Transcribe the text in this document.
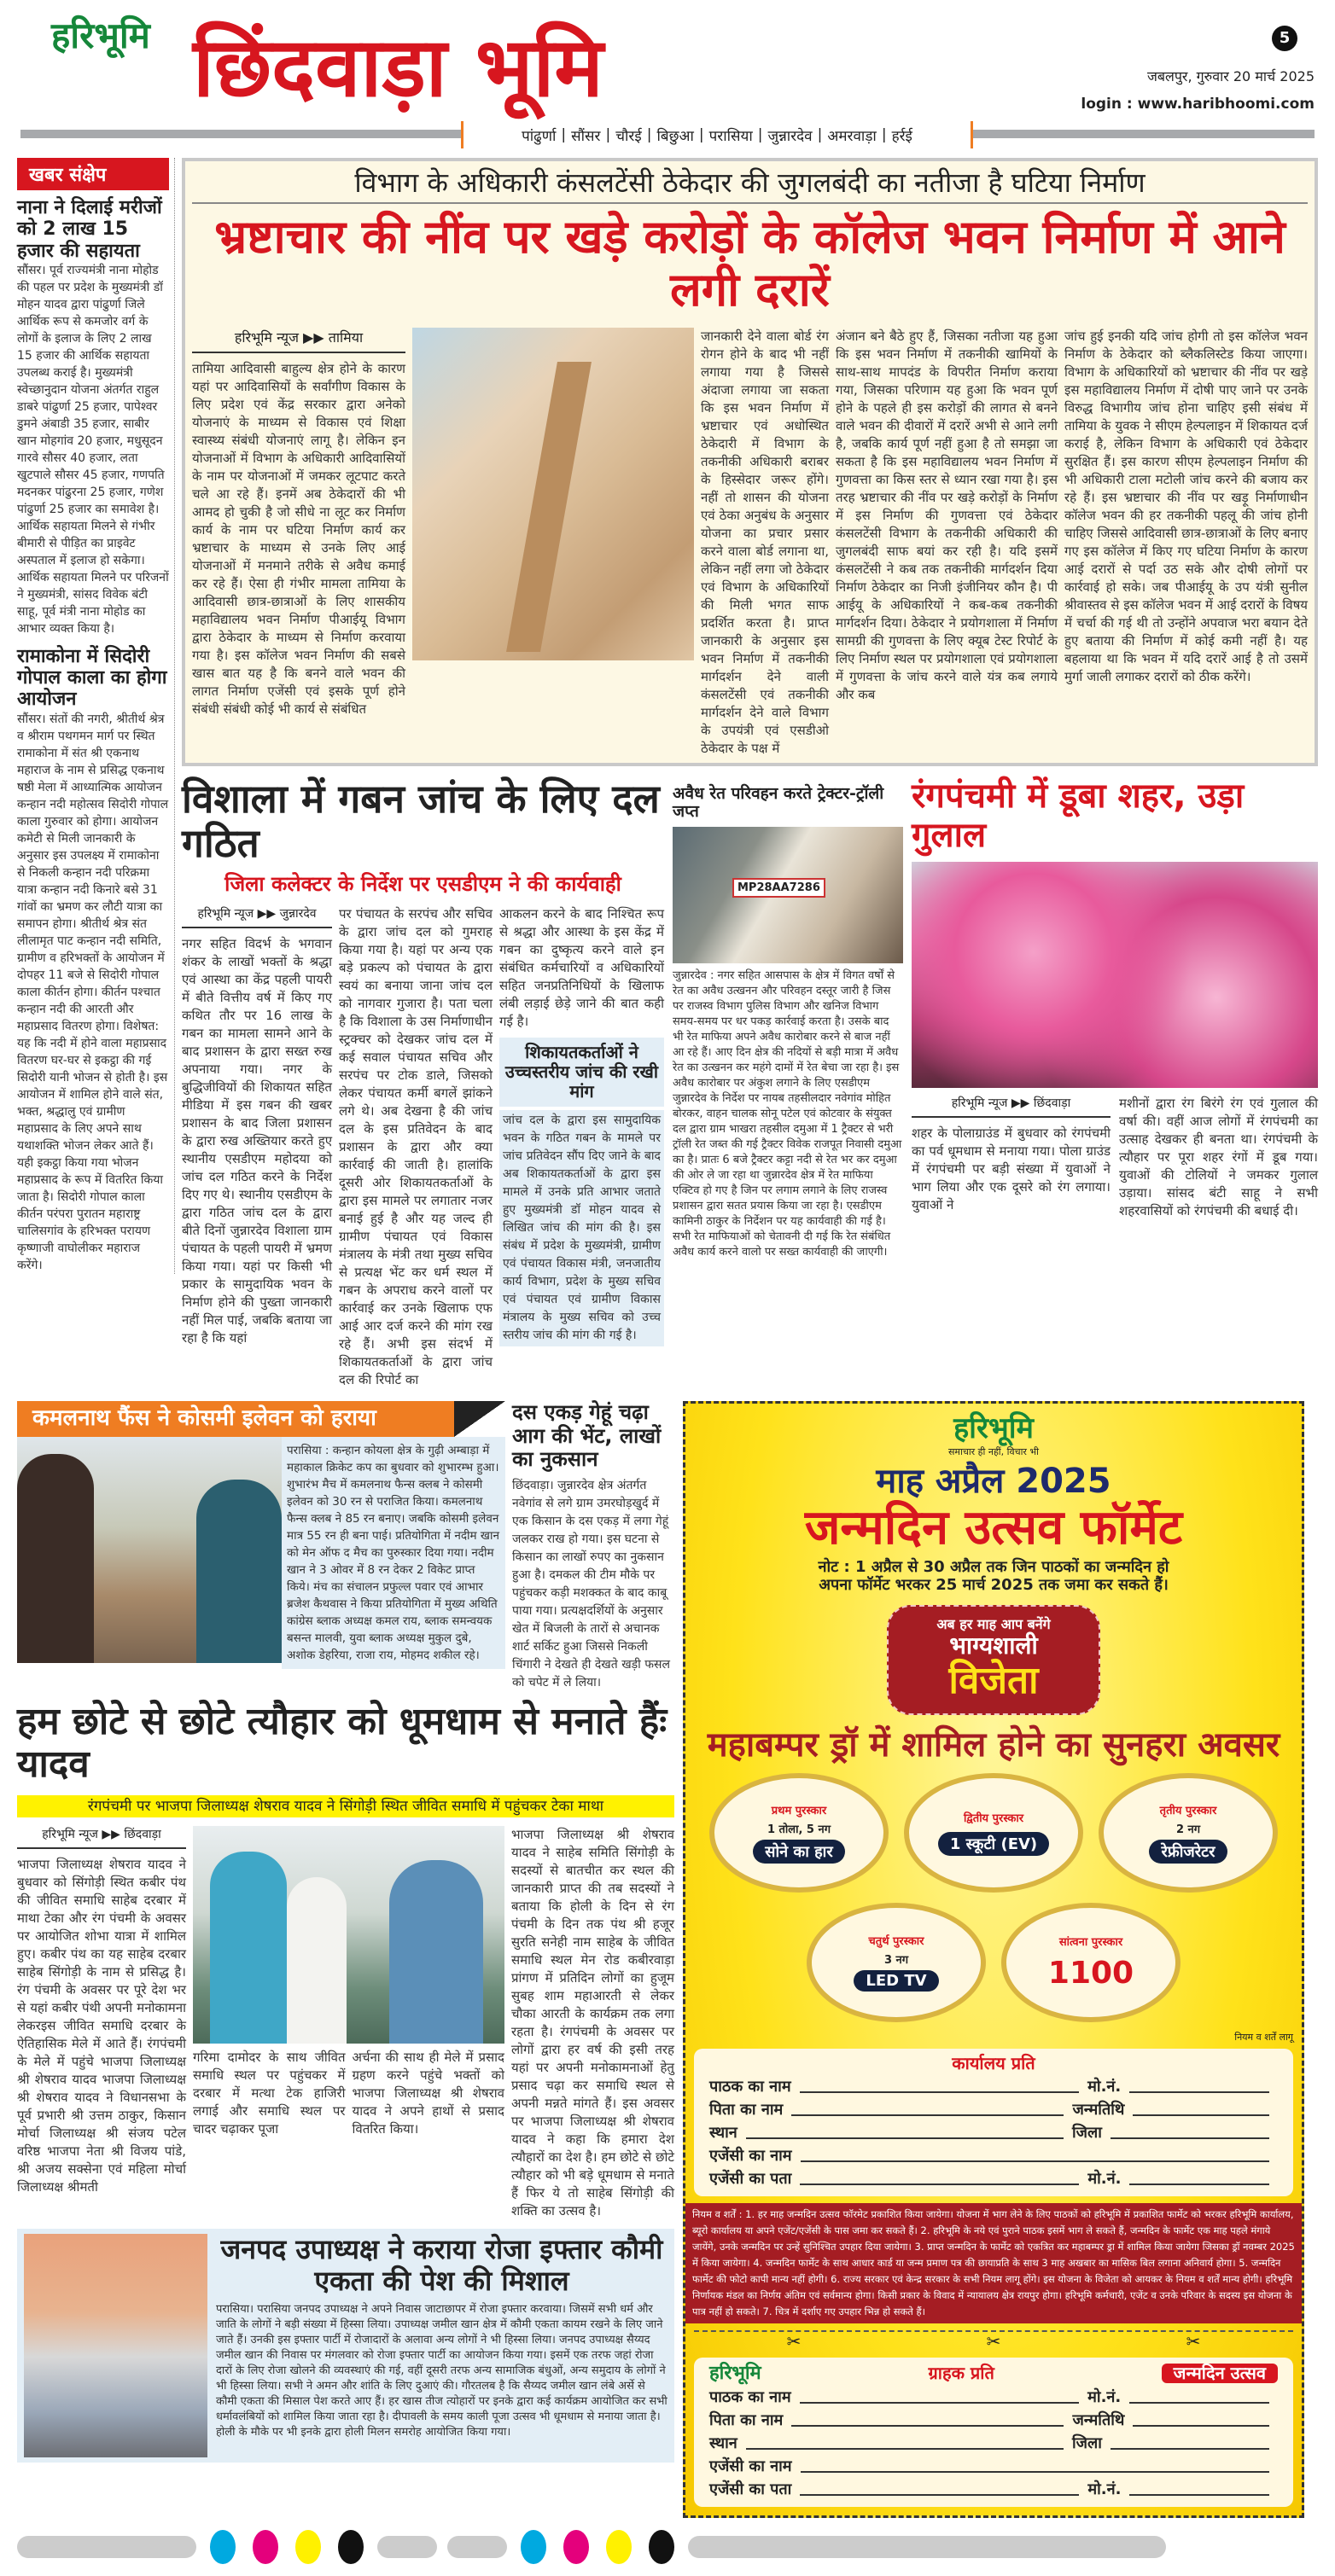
हरिभूमि छिंदवाड़ा भूमि	5
जबलपुर, गुरुवार 20 मार्च 2025
login : www.haribhoomi.com
पांढुर्णा | सौंसर | चौरई | बिछुआ | परासिया | जुन्नारदेव | अमरवाड़ा | हर्रई
खबर संक्षेप
नाना ने दिलाई मरीजों को 2 लाख 15 हजार की सहायता
सौंसर। पूर्व राज्यमंत्री नाना मोहोड की पहल पर प्रदेश के मुख्यमंत्री डॉ मोहन यादव द्वारा पांढुर्णा जिले आर्थिक रूप से कमजोर वर्ग के लोगों के इलाज के लिए 2 लाख 15 हजार की आर्थिक सहायता उपलब्ध कराई है। मुख्यमंत्री स्वेच्छानुदान योजना अंतर्गत राहुल डाबरे पांढुर्णा 25 हजार, पापेश्वर डुमने अंबाडी 35 हजार, साबीर खान मोहगांव 20 हजार, मधुसूदन गारवे सौसर 40 हजार, लता खुटपाले सौसर 45 हजार, गणपति मदनकर पांढुरना 25 हजार, गणेश पांढुर्णा 25 हजार का समावेश है। आर्थिक सहायता मिलने से गंभीर बीमारी से पीड़ित का प्राइवेट अस्पताल में इलाज हो सकेगा। आर्थिक सहायता मिलने पर परिजनों ने मुख्यमंत्री, सांसद विवेक बंटी साहू, पूर्व मंत्री नाना मोहोड का आभार व्यक्त किया है।
रामाकोना में सिदोरी गोपाल काला का होगा आयोजन
सौंसर। संतों की नगरी, श्रीतीर्थ श्रेत्र व श्रीराम पथगमन मार्ग पर स्थित रामाकोना में संत श्री एकनाथ महाराज के नाम से प्रसिद्ध एकनाथ षष्ठी मेला में आध्यात्मिक आयोजन कन्हान नदी महोत्सव सिदोरी गोपाल काला गुरुवार को होगा। आयोजन कमेटी से मिली जानकारी के अनुसार इस उपलक्ष्य में रामाकोना से निकली कन्हान नदी परिक्रमा यात्रा कन्हान नदी किनारे बसे 31 गांवों का भ्रमण कर लौटी यात्रा का समापन होगा। श्रीतीर्थ श्रेत्र संत लीलामृत पाट कन्हान नदी समिति, ग्रामीण व हरिभक्तों के आयोजन में दोपहर 11 बजे से सिदोरी गोपाल काला कीर्तन होगा। कीर्तन पश्चात कन्हान नदी की आरती और महाप्रसाद वितरण होगा। विशेषत: यह कि नदी में होने वाला महाप्रसाद वितरण घर-घर से इकट्ठा की गई सिदोरी यानी भोजन से होती है। इस आयोजन में शामिल होने वाले संत, भक्त, श्रद्धालु एवं ग्रामीण महाप्रसाद के लिए अपने साथ यथाशक्ति भोजन लेकर आते हैं। यही इकट्ठा किया गया भोजन महाप्रसाद के रूप में वितरित किया जाता है। सिदोरी गोपाल काला कीर्तन परंपरा पुरातन महाराष्ट्र चालिसगांव के हरिभक्त परायण कृष्णाजी वाघोलीकर महाराज करेंगे।
विभाग के अधिकारी कंसलटेंसी ठेकेदार की जुगलबंदी का नतीजा है घटिया निर्माण
भ्रष्टाचार की नींव पर खड़े करोड़ों के कॉलेज भवन निर्माण में आने लगी दरारें
हरिभूमि न्यूज ▶▶ तामिया
तामिया आदिवासी बाहुल्य क्षेत्र होने के कारण यहां पर आदिवासियों के सर्वांगीण विकास के लिए प्रदेश एवं केंद्र सरकार द्वारा अनेको योजनाएं के माध्यम से विकास एवं शिक्षा स्वास्थ्य संबंधी योजनाएं लागू है। लेकिन इन योजनाओं में विभाग के अधिकारी आदिवासियों के नाम पर योजनाओं में जमकर लूटपाट करते चले आ रहे हैं। इनमें अब ठेकेदारों की भी आमद हो चुकी है जो सीधे ना लूट कर निर्माण कार्य के नाम पर घटिया निर्माण कार्य कर भ्रष्टाचार के माध्यम से उनके लिए आई योजनाओं में मनमाने तरीके से अवैध कमाई कर रहे हैं। ऐसा ही गंभीर मामला तामिया के आदिवासी छात्र-छात्राओं के लिए शासकीय महाविद्यालय भवन निर्माण पीआईयू विभाग द्वारा ठेकेदार के माध्यम से निर्माण करवाया गया है। इस कॉलेज भवन निर्माण की सबसे खास बात यह है कि बनने वाले भवन की लागत निर्माण एजेंसी एवं इसके पूर्ण होने संबंधी संबंधी कोई भी कार्य से संबंधित
जानकारी देने वाला बोर्ड रंग रोगन होने के बाद भी नहीं लगाया गया है जिससे अंदाजा लगाया जा सकता कि इस भवन निर्माण में भ्रष्टाचार एवं अधोस्थित ठेकेदारी में विभाग के तकनीकी अधिकारी बराबर के हिस्सेदार जरूर होंगे। नहीं तो शासन की योजना एवं ठेका अनुबंध के अनुसार योजना का प्रचार प्रसार करने वाला बोर्ड लगाना था, लेकिन नहीं लगा जो ठेकेदार एवं विभाग के अधिकारियों की मिली भगत साफ प्रदर्शित करता है। प्राप्त जानकारी के अनुसार इस भवन निर्माण में तकनीकी मार्गदर्शन देने वाली कंसलटेंसी एवं तकनीकी मार्गदर्शन देने वाले विभाग के उपयंत्री एवं एसडीओ ठेकेदार के पक्ष में
अंजान बने बैठे हुए हैं, जिसका नतीजा यह हुआ कि इस भवन निर्माण में तकनीकी खामियों के साथ-साथ मापदंड के विपरीत निर्माण कराया गया, जिसका परिणाम यह हुआ कि भवन पूर्ण होने के पहले ही इस करोड़ों की लागत से बनने वाले भवन की दीवारों में दरारें अभी से आने लगी है, जबकि कार्य पूर्ण नहीं हुआ है तो समझा जा सकता है कि इस महाविद्यालय भवन निर्माण में गुणवत्ता का किस स्तर से ध्यान रखा गया है। इस तरह भ्रष्टाचार की नींव पर खड़े करोड़ों के निर्माण में इस निर्माण की गुणवत्ता एवं ठेकेदार कंसलटेंसी विभाग के तकनीकी अधिकारी की जुगलबंदी साफ बयां कर रही है। यदि इसमें कंसलटेंसी ने कब तक तकनीकी मार्गदर्शन दिया निर्माण ठेकेदार का निजी इंजीनियर कौन है। पी आईयू के अधिकारियों ने कब-कब तकनीकी मार्गदर्शन दिया। ठेकेदार ने प्रयोगशाला में निर्माण सामग्री की गुणवत्ता के लिए क्यूब टेस्ट रिपोर्ट के लिए निर्माण स्थल पर प्रयोगशाला एवं प्रयोगशाला में गुणवत्ता के जांच करने वाले यंत्र कब लगाये और कब
जांच हुई इनकी यदि जांच होगी तो इस कॉलेज भवन निर्माण के ठेकेदार को ब्लैकलिस्टेड किया जाएगा। विभाग के अधिकारियों को भ्रष्टाचार की नींव पर खड़े इस महाविद्यालय निर्माण में दोषी पाए जाने पर उनके विरुद्ध विभागीय जांच होना चाहिए इसी संबंध में तामिया के युवक ने सीएम हेल्पलाइन में शिकायत दर्ज कराई है, लेकिन विभाग के अधिकारी एवं ठेकेदार सुरक्षित हैं। इस कारण सीएम हेल्पलाइन निर्माण की भी अधिकारी टाला मटोली जांच करने की बजाय कर रहे हैं। इस भ्रष्टाचार की नींव पर खड़ू निर्माणाधीन कॉलेज भवन की हर तकनीकी पहलू की जांच होनी चाहिए जिससे आदिवासी छात्र-छात्राओं के लिए बनाए गए इस कॉलेज में किए गए घटिया निर्माण के कारण आई दरारों से पर्दा उठ सके और दोषी लोगों पर कार्रवाई हो सके। जब पीआईयू के उप यंत्री सुनील श्रीवास्तव से इस कॉलेज भवन में आई दरारों के विषय में चर्चा की गई थी तो उन्होंने अपवाज भरा बयान देते हुए बताया की निर्माण में कोई कमी नहीं है। यह बहलाया था कि भवन में यदि दरारें आई है तो उसमें मुर्गा जाली लगाकर दरारों को ठीक करेंगे।
विशाला में गबन जांच के लिए दल गठित
जिला कलेक्टर के निर्देश पर एसडीएम ने की कार्यवाही
हरिभूमि न्यूज ▶▶ जुन्नारदेव
नगर सहित विदर्भ के भगवान शंकर के लाखों भक्तों के श्रद्धा एवं आस्था का केंद्र पहली पायरी में बीते वित्तीय वर्ष में किए गए कथित तौर पर 16 लाख के गबन का मामला सामने आने के बाद प्रशासन के द्वारा सख्त रुख अपनाया गया। नगर के बुद्धिजीवियों की शिकायत सहित मीडिया में इस गबन की खबर प्रशासन के बाद जिला प्रशासन के द्वारा रुख अख्तियार करते हुए स्थानीय एसडीएम महोदया को जांच दल गठित करने के निर्देश दिए गए थे। स्थानीय एसडीएम के द्वारा गठित जांच दल के द्वारा बीते दिनों जुन्नारदेव विशाला ग्राम पंचायत के पहली पायरी में भ्रमण किया गया। यहां पर किसी भी प्रकार के सामुदायिक भवन के निर्माण होने की पुख्ता जानकारी नहीं मिल पाई, जबकि बताया जा रहा है कि यहां
पर पंचायत के सरपंच और सचिव के द्वारा जांच दल को गुमराह किया गया है। यहां पर अन्य एक बड़े प्रकल्प को पंचायत के द्वारा स्वयं का बनाया जाना जांच दल को नागवार गुजारा है। पता चला है कि विशाला के उस निर्माणाधीन स्ट्रक्चर को देखकर जांच दल में कई सवाल पंचायत सचिव और सरपंच पर टोक डाले, जिसको लेकर पंचायत कर्मी बगलें झांकने लगे थे। अब देखना है की जांच दल के इस प्रतिवेदन के बाद प्रशासन के द्वारा और क्या कार्रवाई की जाती है। हालांकि दूसरी ओर शिकायतकर्ताओं के द्वारा इस मामले पर लगातार नजर बनाई हुई है और यह जल्द ही ग्रामीण पंचायत एवं विकास मंत्रालय के मंत्री तथा मुख्य सचिव से प्रत्यक्ष भेंट कर धर्म स्थल में गबन के अपराध करने वालों पर कार्रवाई कर उनके खिलाफ एफ आई आर दर्ज करने की मांग रख रहे हैं। अभी इस संदर्भ में शिकायतकर्ताओं के द्वारा जांच दल की रिपोर्ट का
आकलन करने के बाद निश्चित रूप से श्रद्धा और आस्था के इस केंद्र में गबन का दुष्कृत्य करने वाले इन संबंधित कर्मचारियों व अधिकारियों सहित जनप्रतिनिधियों के खिलाफ लंबी लड़ाई छेड़े जाने की बात कही गई है।
शिकायतकर्ताओं ने उच्चस्तरीय जांच की रखी मांग
जांच दल के द्वारा इस सामुदायिक भवन के गठित गबन के मामले पर जांच प्रतिवेदन सौंप दिए जाने के बाद अब शिकायतकर्ताओं के द्वारा इस मामले में उनके प्रति आभार जताते हुए मुख्यमंत्री डॉ मोहन यादव से लिखित जांच की मांग की है। इस संबंध में प्रदेश के मुख्यमंत्री, ग्रामीण एवं पंचायत विकास मंत्री, जनजातीय कार्य विभाग, प्रदेश के मुख्य सचिव एवं पंचायत एवं ग्रामीण विकास मंत्रालय के मुख्य सचिव को उच्च स्तरीय जांच की मांग की गई है।
अवैध रेत परिवहन करते ट्रेक्टर-ट्रॉली जप्त
MP28AA7286
जुन्नारदेव : नगर सहित आसपास के क्षेत्र में विगत वर्षों से रेत का अवैध उत्खनन और परिवहन दस्तूर जारी है जिस पर राजस्व विभाग पुलिस विभाग और खनिज विभाग समय-समय पर धर पकड़ कार्रवाई करता है। उसके बाद भी रेत माफिया अपने अवैध कारोबार करने से बाज नहीं आ रहे हैं। आए दिन क्षेत्र की नदियों से बड़ी मात्रा में अवैध रेत का उत्खनन कर महंगे दामों में रेत बेचा जा रहा है। इस अवैध कारोबार पर अंकुश लगाने के लिए एसडीएम जुन्नारदेव के निर्देश पर नायब तहसीलदार नवेगांव मोहित बोरकर, वाहन चालक सोनू पटेल एवं कोटवार के संयुक्त दल द्वारा ग्राम भाखरा तहसील दमुआ में 1 ट्रैक्टर से भरी ट्रॉली रेत जब्त की गई ट्रैक्टर विवेक राजपूत निवासी दमुआ का है। प्रातः 6 बजे ट्रैक्टर कट्टा नदी से रेत भर कर दमुआ की ओर ले जा रहा था जुन्नारदेव क्षेत्र में रेत माफिया एक्टिव हो गए है जिन पर लगाम लगाने के लिए राजस्व प्रशासन द्वारा सतत प्रयास किया जा रहा है। एसडीएम कामिनी ठाकुर के निर्देशन पर यह कार्यवाही की गई है। सभी रेत माफियाओं को चेतावनी दी गई कि रेत संबंधित अवैध कार्य करने वालो पर सख्त कार्यवाही की जाएगी।
रंगपंचमी में डूबा शहर, उड़ा गुलाल
हरिभूमि न्यूज ▶▶ छिंदवाड़ा
शहर के पोलाग्राउंड में बुधवार को रंगपंचमी का पर्व धूमधाम से मनाया गया। पोला ग्राउंड में रंगपंचमी पर बड़ी संख्या में युवाओं ने भाग लिया और एक दूसरे को रंग लगाया। युवाओं ने
मशीनों द्वारा रंग बिरंगे रंग एवं गुलाल की वर्षा की। वहीं आज लोगों में रंगपंचमी का उत्साह देखकर ही बनता था। रंगपंचमी के त्यौहार पर पूरा शहर रंगों में डूब गया। युवाओं की टोलियों ने जमकर गुलाल उड़ाया। सांसद बंटी साहू ने सभी शहरवासियों को रंगपंचमी की बधाई दी।
कमलनाथ फैंस ने कोसमी इलेवन को हराया
परासिया : कन्हान कोयला क्षेत्र के गुढ़ी अम्बाड़ा में महाकाल क्रिकेट कप का बुधवार को शुभारम्भ हुआ। शुभारंभ मैच में कमलनाथ फैन्स क्लब ने कोसमी इलेवन को 30 रन से पराजित किया। कमलनाथ फैन्स क्लब ने 85 रन बनाए। जबकि कोसमी इलेवन मात्र 55 रन ही बना पाई। प्रतियोगिता में नदीम खान को मेन ऑफ द मैच का पुरुस्कार दिया गया। नदीम खान ने 3 ओवर में 8 रन देकर 2 विकेट प्राप्त किये। मंच का संचालन प्रफुल्ल पवार एवं आभार ब्रजेश कैथवास ने किया प्रतियोगिता में मुख्य अथिति कांग्रेस ब्लाक अध्यक्ष कमल राय, ब्लाक समन्वयक बसन्त मालवी, युवा ब्लाक अध्यक्ष मुकुल दुबे, अशोक डेहरिया, राजा राय, मोहमद शकील रहे।
दस एकड़ गेहूं चढ़ा आग की भेंट, लाखों का नुकसान
छिंदवाड़ा। जुन्नारदेव क्षेत्र अंतर्गत नवेगांव से लगे ग्राम उमरघोड़खुर्द में एक किसान के दस एकड़ में लगा गेहूं जलकर राख हो गया। इस घटना से किसान का लाखों रुपए का नुकसान हुआ है। दमकल की टीम मौके पर पहुंचकर कड़ी मशक्कत के बाद काबू पाया गया। प्रत्यक्षदर्शियों के अनुसार खेत में बिजली के तारों से अचानक शार्ट सर्किट हुआ जिससे निकली चिंगारी ने देखते ही देखते खड़ी फसल को चपेट में ले लिया।
हम छोटे से छोटे त्यौहार को धूमधाम से मनाते हैंः यादव
रंगपंचमी पर भाजपा जिलाध्यक्ष शेषराव यादव ने सिंगोड़ी स्थित जीवित समाधि में पहुंचकर टेका माथा
हरिभूमि न्यूज ▶▶ छिंदवाड़ा
भाजपा जिलाध्यक्ष शेषराव यादव ने बुधवार को सिंगोड़ी स्थित कबीर पंथ की जीवित समाधि साहेब दरबार में माथा टेका और रंग पंचमी के अवसर पर आयोजित शोभा यात्रा में शामिल हुए। कबीर पंथ का यह साहेब दरबार साहेब सिंगोड़ी के नाम से प्रसिद्ध है। रंग पंचमी के अवसर पर पूरे देश भर से यहां कबीर पंथी अपनी मनोकामना लेकरइस जीवित समाधि दरबार के ऐतिहासिक मेले में आते हैं। रंगपंचमी के मेले में पहुंचे भाजपा जिलाध्यक्ष श्री शेषराव यादव भाजपा जिलाध्यक्ष श्री शेषराव यादव ने विधानसभा के पूर्व प्रभारी श्री उत्तम ठाकुर, किसान मोर्चा जिलाध्यक्ष श्री संजय पटेल वरिष्ठ भाजपा नेता श्री विजय पांडे, श्री अजय सक्सेना एवं महिला मोर्चा जिलाध्यक्ष श्रीमती
गरिमा दामोदर के साथ जीवित समाधि स्थल पर पहुंचकर में दरबार में मत्था टेक हाजिरी लगाई और समाधि स्थल पर चादर चढ़ाकर पूजा
अर्चना की साथ ही मेले में प्रसाद ग्रहण करने पहुंचे भक्तों को भाजपा जिलाध्यक्ष श्री शेषराव यादव ने अपने हाथों से प्रसाद वितरित किया।
भाजपा जिलाध्यक्ष श्री शेषराव यादव ने साहेब समिति सिंगोड़ी के सदस्यों से बातचीत कर स्थल की जानकारी प्राप्त की तब सदस्यों ने बताया कि होली के दिन से रंग पंचमी के दिन तक पंथ श्री हजूर सुरति सनेही नाम साहेब के जीवित समाधि स्थल मेन रोड कबीरवाड़ा प्रांगण में प्रतिदिन लोगों का हुजूम सुबह शाम महाआरती से लेकर चौका आरती के कार्यक्रम तक लगा रहता है। रंगपंचमी के अवसर पर लोगों द्वारा हर वर्ष की इसी तरह यहां पर अपनी मनोकामनाओं हेतु प्रसाद चढ़ा कर समाधि स्थल से अपनी मन्नते मांगते हैं। इस अवसर पर भाजपा जिलाध्यक्ष श्री शेषराव यादव ने कहा कि हमारा देश त्यौहारों का देश है। हम छोटे से छोटे त्यौहार को भी बड़े धूमधाम से मनाते हैं फिर ये तो साहेब सिंगोड़ी की शक्ति का उत्सव है।
जनपद उपाध्यक्ष ने कराया रोजा इफ्तार कौमी एकता की पेश की मिशाल
परासिया। परासिया जनपद उपाध्यक्ष ने अपने निवास जाटाछापर में रोजा इफ्तार करवाया। जिसमें सभी धर्म और जाति के लोगों ने बड़ी संख्या में हिस्सा लिया। उपाध्यक्ष जमील खान क्षेत्र में कौमी एकता कायम रखने के लिए जाने जाते हैं। उनकी इस इफ्तार पार्टी में रोजादारों के अलावा अन्य लोगों ने भी हिस्सा लिया। जनपद उपाध्यक्ष सैय्यद जमील खान की निवास पर मंगलवार को रोजा इफ्तार पार्टी का आयोजन किया गया। इसमें एक तरफ जहां रोजा दारों के लिए रोजा खोलने की व्यवस्थाएं की गई, वहीं दूसरी तरफ अन्य सामाजिक बंधुओं, अन्य समुदाय के लोगों ने भी हिस्सा लिया। सभी ने अमन और शांति के लिए दुआएं की। गौरतलब है कि सैय्यद जमील खान लंबे अर्से से कौमी एकता की मिसाल पेश करते आए हैं। हर खास तीज त्योहारों पर इनके द्वारा कई कार्यक्रम आयोजित कर सभी धर्मावलंबियों को शामिल किया जाता रहा है। दीपावली के समय काली पूजा उत्सव भी धूमधाम से मनाया जाता है। होली के मौके पर भी इनके द्वारा होली मिलन समरोह आयोजित किया गया।
हरिभूमि
समाचार ही नहीं, विचार भी
माह अप्रैल 2025
जन्मदिन उत्सव फॉर्मेट
नोट : 1 अप्रैल से 30 अप्रैल तक जिन पाठकों का जन्मदिन हो
अपना फॉर्मेट भरकर 25 मार्च 2025 तक जमा कर सकते हैं।
अब हर माह आप बनेंगे
भाग्यशाली
विजेता
महाबम्पर ड्रॉ में शामिल होने का सुनहरा अवसर
प्रथम पुरस्कार
1 तोला, 5 नग
सोने का हार
द्वितीय पुरस्कार
1 स्कूटी (EV)
तृतीय पुरस्कार
2 नग
रेफ्रीजरेटर
चतुर्थ पुरस्कार
3 नग
LED TV
सांत्वना पुरस्कार
1100
नियम व शर्तें लागू
कार्यालय प्रति
पाठक का नाम	मो.नं.
पिता का नाम	जन्मतिथि
स्थान	जिला
एजेंसी का नाम
एजेंसी का पता	मो.नं.
नियम व शर्तें : 1. हर माह जन्मदिन उत्सव फॉरमेट प्रकाशित किया जायेगा। योजना में भाग लेने के लिए पाठकों को हरिभूमि में प्रकाशित फार्मेट को भरकर हरिभूमि कार्यालय, ब्यूरो कार्यालय या अपने एजेंट/एजेंसी के पास जमा कर सकते हैं। 2. हरिभूमि के नये एवं पुराने पाठक इसमें भाग ले सकते हैं, जन्मदिन के फार्मेट एक माह पहले मंगाये जायेंगे, उनके जन्मदिन पर उन्हें सुनिश्चित उपहार दिया जायेगा। 3. प्राप्त जन्मदिन के फार्मेट को एकत्रित कर महाबम्पर ड्रा में शामिल किया जायेगा जिसका ड्रॉ नवम्बर 2025 में किया जायेगा। 4. जन्मदिन फार्मेट के साथ आधार कार्ड या जन्म प्रमाण पत्र की छायाप्रति के साथ 3 माह अखबार का मासिक बिल लगाना अनिवार्य होगा। 5. जन्मदिन फार्मेट की फोटो कापी मान्य नहीं होगी। 6. राज्य सरकार एवं केन्द्र सरकार के सभी नियम लागू होंगे। इस योजना के विजेता को आयकर के नियम व शर्तें मान्य होगी। हरिभूमि निर्णायक मंडल का निर्णय अंतिम एवं सर्वमान्य होगा। किसी प्रकार के विवाद में न्यायालय क्षेत्र रायपुर होगा। हरिभूमि कर्मचारी, एजेंट व उनके परिवार के सदस्य इस योजना के पात्र नहीं हो सकते। 7. चित्र में दर्शाए गए उपहार भिन्न हो सकते हैं।
✂	✂	✂
हरिभूमि	ग्राहक प्रति	जन्मदिन उत्सव
पाठक का नाम	मो.नं.
पिता का नाम	जन्मतिथि
स्थान	जिला
एजेंसी का नाम
एजेंसी का पता	मो.नं.
